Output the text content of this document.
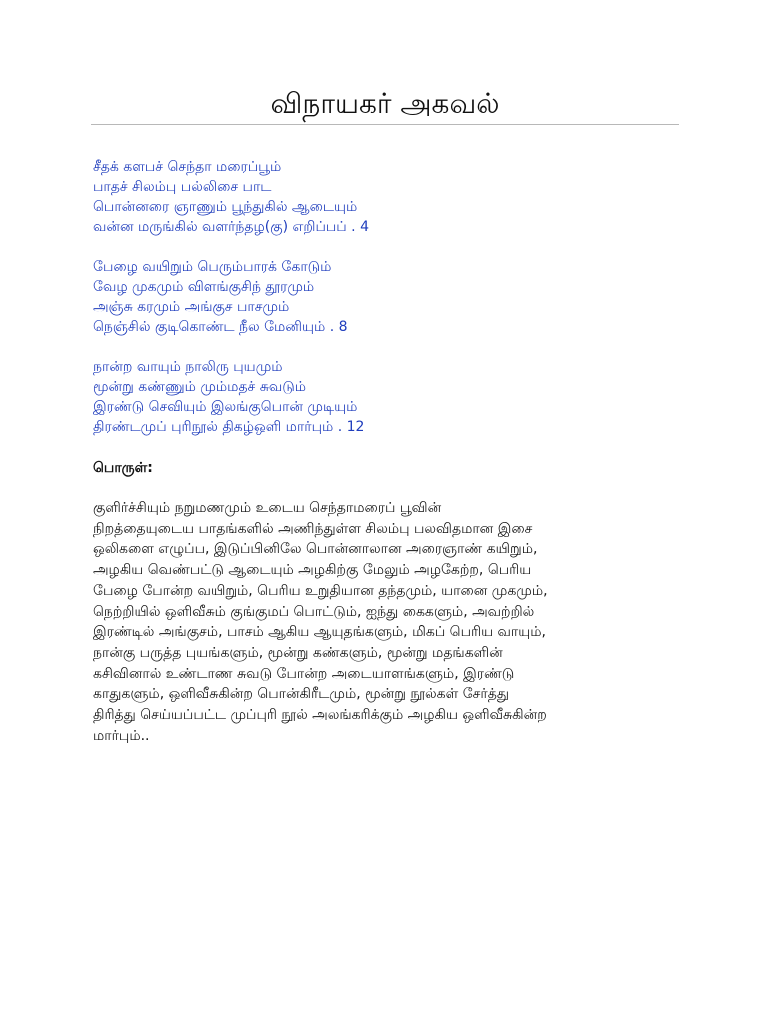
விநாயகர் அகவல்
சீதக் களபச் செந்தா மரைப்பூம்
பாதச் சிலம்பு பல்லிசை பாட
பொன்னரை ஞாணும் பூந்துகில் ஆடையும்
வன்ன மருங்கில் வளர்ந்தழ(கு) எறிப்பப் . 4
பேழை வயிறும் பெரும்பாரக் கோடும்
வேழ முகமும் விளங்குசிந் தூரமும்
அஞ்சு கரமும் அங்குச பாசமும்
நெஞ்சில் குடிகொண்ட நீல மேனியும் . 8
நான்ற வாயும் நாலிரு புயமும்
மூன்று கண்ணும் மும்மதச் சுவடும்
இரண்டு செவியும் இலங்குபொன் முடியும்
திரண்டமுப் புரிநூல் திகழ்ஒளி மார்பும் . 12
பொருள்:
குளிர்ச்சியும் நறுமணமும் உடைய செந்தாமரைப் பூவின்
நிறத்தையுடைய பாதங்களில் அணிந்துள்ள சிலம்பு பலவிதமான இசை
ஒலிகளை எழுப்ப, இடுப்பினிலே பொன்னாலான அரைஞாண் கயிறும்,
அழகிய வெண்பட்டு ஆடையும் அழகிற்கு மேலும் அழகேற்ற, பெரிய
பேழை போன்ற வயிறும், பெரிய உறுதியான தந்தமும், யானை முகமும்,
நெற்றியில் ஒளிவீசும் குங்குமப் பொட்டும், ஐந்து கைகளும், அவற்றில்
இரண்டில் அங்குசம், பாசம் ஆகிய ஆயுதங்களும், மிகப் பெரிய வாயும்,
நான்கு பருத்த புயங்களும், மூன்று கண்களும், மூன்று மதங்களின்
கசிவினால் உண்டாண சுவடு போன்ற அடையாளங்களும், இரண்டு
காதுகளும், ஒளிவீசுகின்ற பொன்கிரீடமும், மூன்று நூல்கள் சேர்த்து
திரித்து செய்யப்பட்ட முப்புரி நூல் அலங்கரிக்கும் அழகிய ஒளிவீசுகின்ற
மார்பும்..
